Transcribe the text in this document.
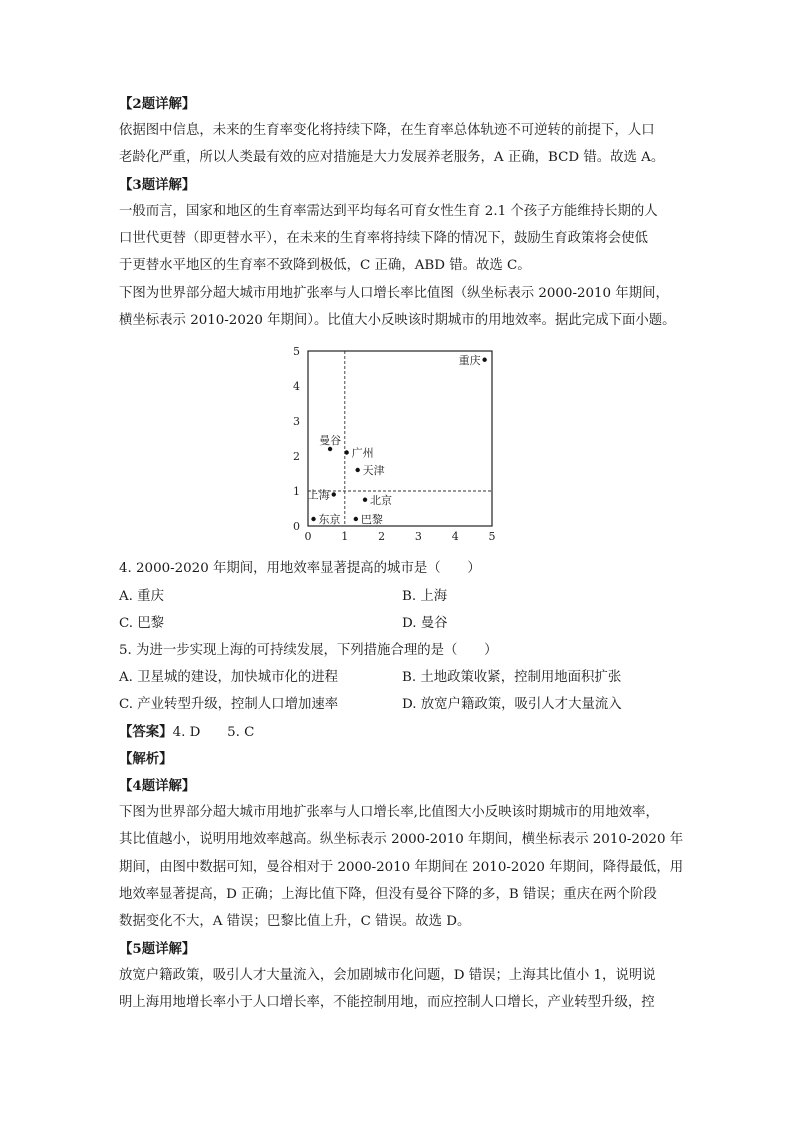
【2题详解】
依据图中信息，未来的生育率变化将持续下降，在生育率总体轨迹不可逆转的前提下，人口
老龄化严重，所以人类最有效的应对措施是大力发展养老服务，A 正确，BCD 错。故选 A。
【3题详解】
一般而言，国家和地区的生育率需达到平均每名可育女性生育 2.1 个孩子方能维持长期的人
口世代更替（即更替水平），在未来的生育率将持续下降的情况下，鼓励生育政策将会使低
于更替水平地区的生育率不致降到极低，C 正确，ABD 错。故选 C。
下图为世界部分超大城市用地扩张率与人口增长率比值图（纵坐标表示 2000-2010 年期间，
横坐标表示 2010-2020 年期间）。比值大小反映该时期城市的用地效率。据此完成下面小题。
0	1	2	3	4	5
0
1
2
3
4
5
重庆
曼谷
广州
天津
上海	北京
东京 巴黎
4. 2000-2020 年期间，用地效率显著提高的城市是（　　）
A. 重庆	B. 上海
C. 巴黎	D. 曼谷
5. 为进一步实现上海的可持续发展，下列措施合理的是（　　）
A. 卫星城的建设，加快城市化的进程	B. 土地政策收紧，控制用地面积扩张
C. 产业转型升级，控制人口增加速率	D. 放宽户籍政策，吸引人才大量流入
【答案】4. D　　5. C
【解析】
【4题详解】
下图为世界部分超大城市用地扩张率与人口增长率,比值图大小反映该时期城市的用地效率，
其比值越小，说明用地效率越高。纵坐标表示 2000-2010 年期间，横坐标表示 2010-2020 年
期间，由图中数据可知，曼谷相对于 2000-2010 年期间在 2010-2020 年期间，降得最低，用
地效率显著提高，D 正确；上海比值下降，但没有曼谷下降的多，B 错误；重庆在两个阶段
数据变化不大，A 错误；巴黎比值上升，C 错误。故选 D。
【5题详解】
放宽户籍政策，吸引人才大量流入，会加剧城市化问题，D 错误；上海其比值小 1，说明说
明上海用地增长率小于人口增长率，不能控制用地，而应控制人口增长，产业转型升级，控
